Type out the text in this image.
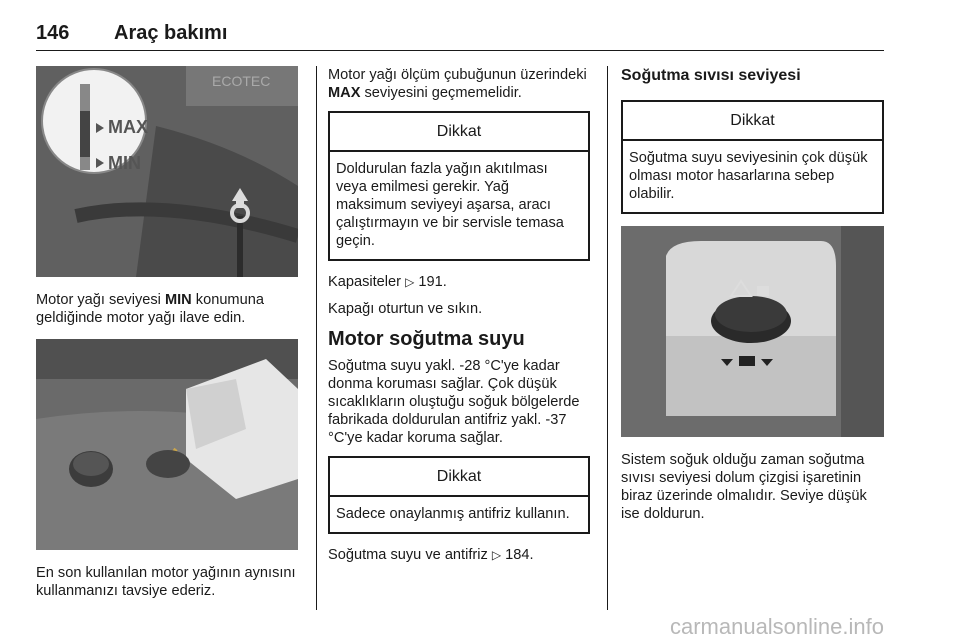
146 Araç bakımı
MAX
MIN
ECOTEC

Motor yağı seviyesi MIN konumuna geldiğinde motor yağı ilave edin.

En son kullanılan motor yağının aynısını kullanmanızı tavsiye ederiz.

Motor yağı ölçüm çubuğunun üzerindeki MAX seviyesini geçmemelidir.

Dikkat
Doldurulan fazla yağın akıtılması veya emilmesi gerekir. Yağ maksimum seviyeyi aşarsa, aracı çalıştırmayın ve bir servisle temasa geçin.

Kapasiteler ▷ 191.

Kapağı oturtun ve sıkın.

Motor soğutma suyu

Soğutma suyu yakl. -28 °C'ye kadar donma koruması sağlar. Çok düşük sıcaklıkların oluştuğu soğuk bölgelerde fabrikada doldurulan antifriz yakl. -37 °C'ye kadar koruma sağlar.

Dikkat
Sadece onaylanmış antifriz kullanın.

Soğutma suyu ve antifriz ▷ 184.

Soğutma sıvısı seviyesi
Dikkat
Soğutma suyu seviyesinin çok düşük olması motor hasarlarına sebep olabilir.

Sistem soğuk olduğu zaman soğutma sıvısı seviyesi dolum çizgisi işaretinin biraz üzerinde olmalıdır. Seviye düşük ise doldurun.

carmanualsonline.info
